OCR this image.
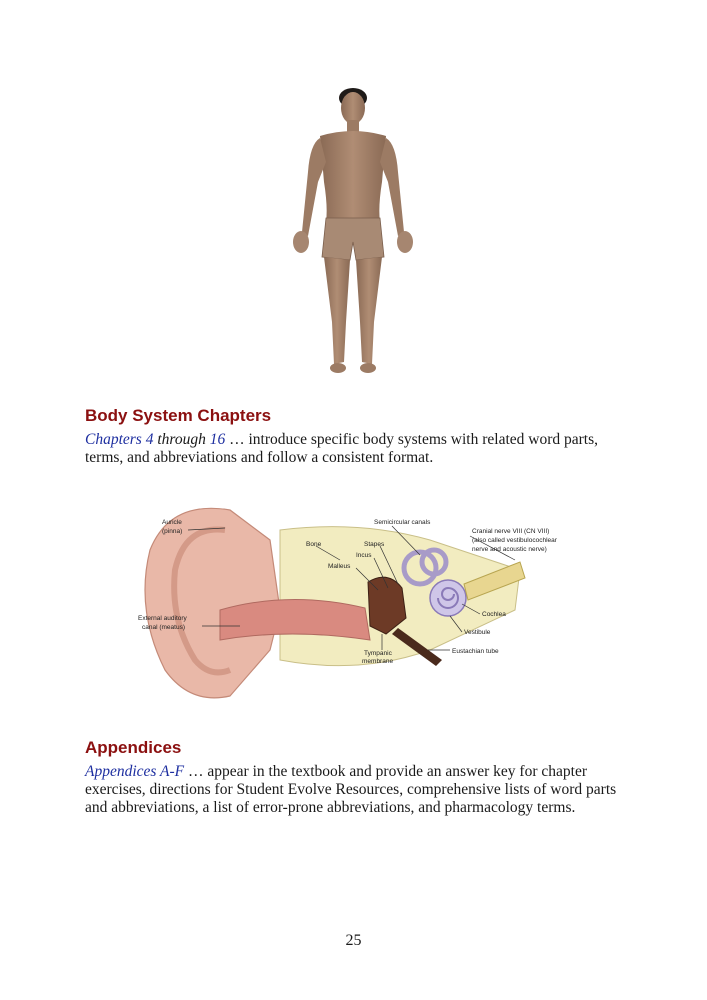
Body System Chapters

Chapters 4 through 16 … introduce specific body systems with related word parts, terms, and abbreviations and follow a consistent format.

Auricle
(pinna)
Bone
Semicircular canals
Cranial nerve VIII (CN VIII)
(also called vestibulocochlear
nerve and acoustic nerve)
Stapes
Incus
Malleus
External auditory
canal (meatus)
Cochlea
Vestibule
Tympanic
membrane
Eustachian tube
Appendices

Appendices A-F … appear in the textbook and provide an answer key for chapter exercises, directions for Student Evolve Resources, comprehensive lists of word parts and abbreviations, a list of error-prone abbreviations, and pharmacology terms.

25
